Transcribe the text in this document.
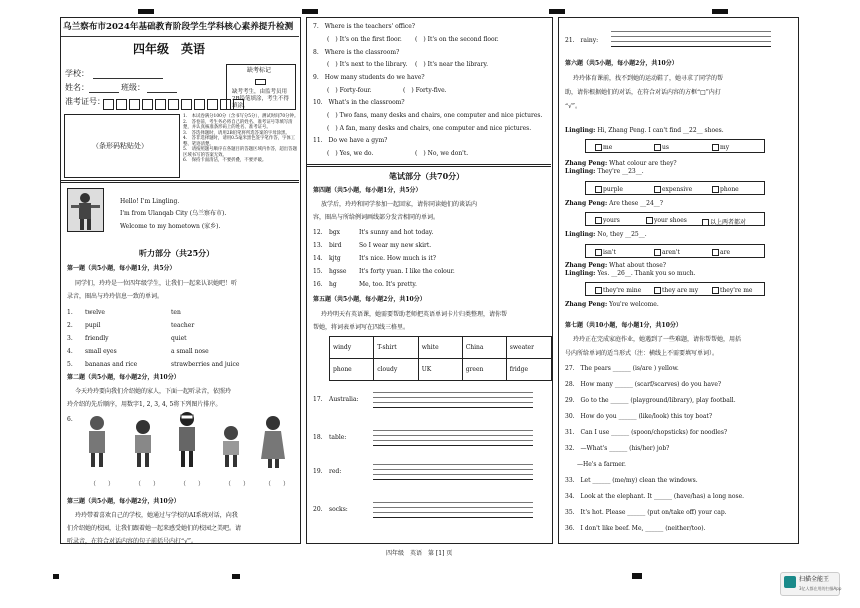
乌兰察布市2024年基础教育阶段学生学科核心素养提升检测
四年级　英语
学校：
姓名：	班级：
准考证号：
缺考标记
缺考考生，由监考员用2B铅笔填涂，考生不得填涂。
（条形码粘贴处）
1.　本试卷满分100分（含书写分5分），测试时间70分钟。
2.　答卷前，考生务必将自己的姓名、准考证号等填写清楚，并认真核准条形码上的姓名、准考证号。
3.　答选择题时，请用2B铅笔将所选答案的字母涂黑。
4.　答非选择题时，请用0.5毫米黑色签字笔作答，字体工整、笔迹清楚。
5.　请按照题号顺序在各题目的答题区域内作答，超出答题区域书写的答案无效。
6.　保持卡面清洁，不要折叠，不要弄破。
Hello! I'm Lingling.
I'm from Ulanqab City (乌兰察布市).
Welcome to my hometown (家乡).
听力部分（共25分）
第一题（共5小题，每小题1分，共5分）
同学们，玲玲是一位四年级学生，让我们一起来认识她吧！听
录音，圈出与玲玲信息一致的单词。
1. twelve	ten
2. pupil	teacher
3. friendly	quiet
4. small eyes	a small nose
5. bananas and rice	strawberries and juice
第二题（共5小题，每小题2分，共10分）
今天玲玲要向我们介绍她的家人，下面一起听录音，依照玲
玲介绍的先后顺序，用数字1, 2, 3, 4, 5将下列图片排序。
6.
（　　）	（　　）	（　　）	（　　）	（　　）
第三题（共5小题，每小题2分，共10分）
玲玲带着喜欢自己的学校，她通过与学校的AI系统对话，向我
们介绍她的校园，让我们跟着她一起来感受她们的校园之美吧。请
听录音，在符合对话内容的句子前括号内打“√”。
7.　Where is the teachers' office?
(　) It's on the first floor. (　) It's on the second floor.
8.　Where is the classroom?
(　) It's next to the library. (　) It's near the library.
9.　How many students do we have?
(　) Forty-four.	(　) Forty-five.
10.　What's in the classroom?
(　) Two fans, many desks and chairs, one computer and nice pictures.
(　) A fan, many desks and chairs, one computer and nice pictures.
11.　Do we have a gym?
(　) Yes, we do.	(　) No, we don't.
笔试部分（共70分）
第四题（共5小题，每小题1分，共5分）
放学后，玲玲和同学参加一起回家，请你同读她们的谈话内
容，圈出与所给例词画线部分发音相同的单词。
12. bgx	It's sunny and hot today.
13. bird	So I wear my new skirt.
14. kjtg	It's nice. How much is it?
15. hgsse It's forty yuan. I like the colour.
16. hg	Me, too. It's pretty.
第五题（共5小题，每小题2分，共10分）
玲玲明天有英语课，她需要帮助老师把英语单词卡片归类整理，请你帮
帮她，将词表单词写在四线三格里。
windy	T-shirt	white	China	sweater
phone	cloudy	UK	green	fridge
17. Australia:
18. table:
19. red:
20. socks:
21.　rainy:
第六题（共5小题，每小题2分，共10分）
玲玲体育课前，找不到她的运动鞋了，她寻求了同学的帮
助，请你根据她们的对话，在符合对话内容的方框“□”内打
“√”。
Lingling: Hi, Zhang Peng. I can't find __22__ shoes.
me	us	my
Zhang Peng: What colour are they?
Lingling: They're __23__.
purple	expensive	phone
Zhang Peng: Are these __24__?
yours	your shoes	以上两者都对
Lingling: No, they __25__.
isn't	aren't	are
Zhang Peng: What about those?
Lingling: Yes. __26__. Thank you so much.
they're mine	they are my	they're me
Zhang Peng: You're welcome.
第七题（共10小题，每小题1分，共10分）
玲玲正在完成家庭作业，她遇到了一些难题，请你帮帮她，用括
号内所给单词的适当形式（注：横线上不需要填写单词）。
27.　The pears ______ (is/are ) yellow.
28.　How many ______ (scarf/scarves) do you have?
29.　Go to the ______ (playground/library), play football.
30.　How do you ______ (like/look) this toy boat?
31.　Can I use ______ (spoon/chopsticks) for noodles?
32.　—What's ______ (his/her) job?
　　—He's a farmer.
33.　Let ______ (me/my) clean the windows.
34.　Look at the elephant. It ______ (have/has) a long nose.
35.　It's hot. Please ______ (put on/take off) your cap.
36.　I don't like beef. Me, ______ (neither/too).
四年级　英语　第 [1] 页
扫描全能王
3亿人都在用的扫描App
